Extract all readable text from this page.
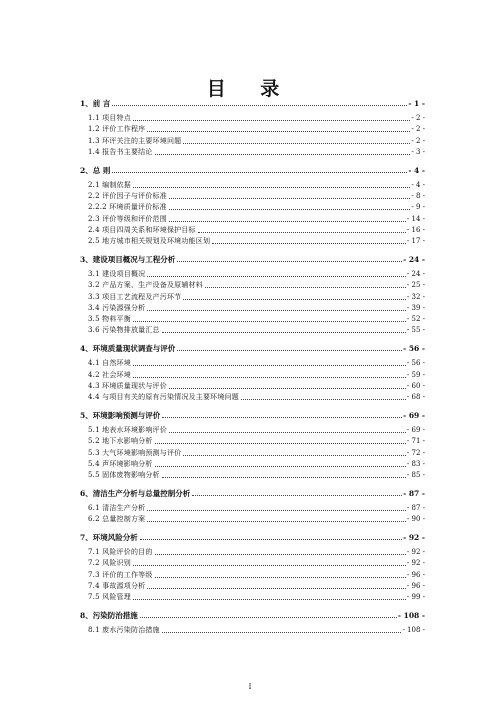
目 录
1、前 言	- 1 -
1.1 项目特点	- 2 -
1.2 评价工作程序	- 2 -
1.3 环评关注的主要环境问题	- 2 -
1.4 报告书主要结论	- 3 -
2、总 则	- 4 -
2.1 编制依据	- 4 -
2.2 评价因子与评价标准	- 8 -
2.2.2 环境质量评价标准	- 9 -
2.3 评价等级和评价范围	- 14 -
2.4 项目四周关系和环境保护目标	- 16 -
2.5 地方城市相关规划及环境功能区划	- 17 -
3、建设项目概况与工程分析	- 24 -
3.1 建设项目概况	- 24 -
3.2 产品方案、生产设备及原辅材料	- 25 -
3.3 项目工艺流程及产污环节	- 32 -
3.4 污染源强分析	- 39 -
3.5 物料平衡	- 52 -
3.6 污染物排放量汇总	- 55 -
4、环境质量现状调查与评价	- 56 -
4.1 自然环境	- 56 -
4.2 社会环境	- 59 -
4.3 环境质量现状与评价	- 60 -
4.4 与项目有关的原有污染情况及主要环境问题	- 68 -
5、环境影响预测与评价	- 69 -
5.1 地表水环境影响评价	- 69 -
5.2 地下水影响分析	- 71 -
5.3 大气环境影响预测与评价	- 72 -
5.4 声环境影响分析	- 83 -
5.5 固体废物影响分析	- 85 -
6、清洁生产分析与总量控制分析	- 87 -
6.1 清洁生产分析	- 87 -
6.2 总量控制方案	- 90 -
7、环境风险分析	- 92 -
7.1 风险评价的目的	- 92 -
7.2 风险识别	- 92 -
7.3 评价的工作等级	- 96 -
7.4 事故源项分析	- 96 -
7.5 风险管理	- 99 -
8、污染防治措施	- 108 -
8.1 废水污染防治措施	- 108 -
I
